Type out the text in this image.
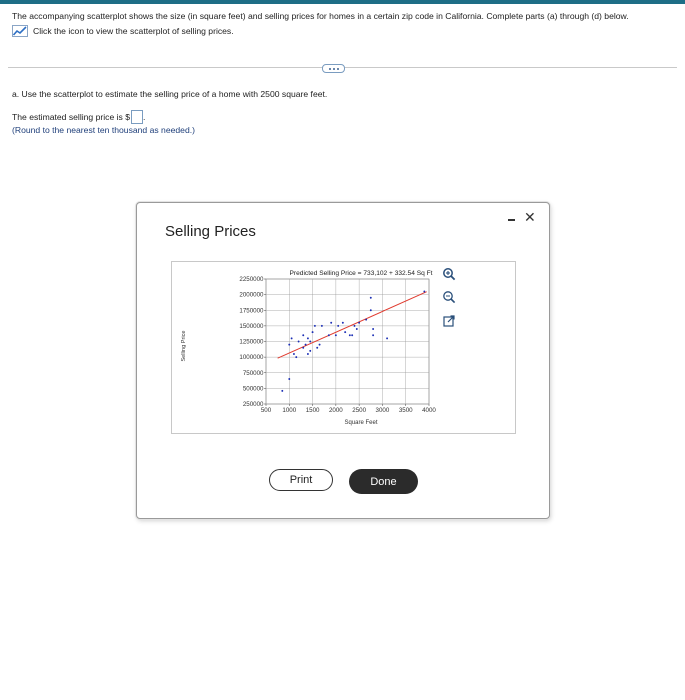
The accompanying scatterplot shows the size (in square feet) and selling prices for homes in a certain zip code in California. Complete parts (a) through (d) below.
Click the icon to view the scatterplot of selling prices.
a. Use the scatterplot to estimate the selling price of a home with 2500 square feet.
The estimated selling price is $ .
(Round to the nearest ten thousand as needed.)
Selling Prices
✕
500 1000 1500 2000 2500 3000 3500 4000
250000
500000
750000
1000000
1250000
1500000
1750000
2000000
2250000
Predicted Selling Price = 733,102 + 332.54 Sq Ft
Square Feet
Selling Price
Print	Done
